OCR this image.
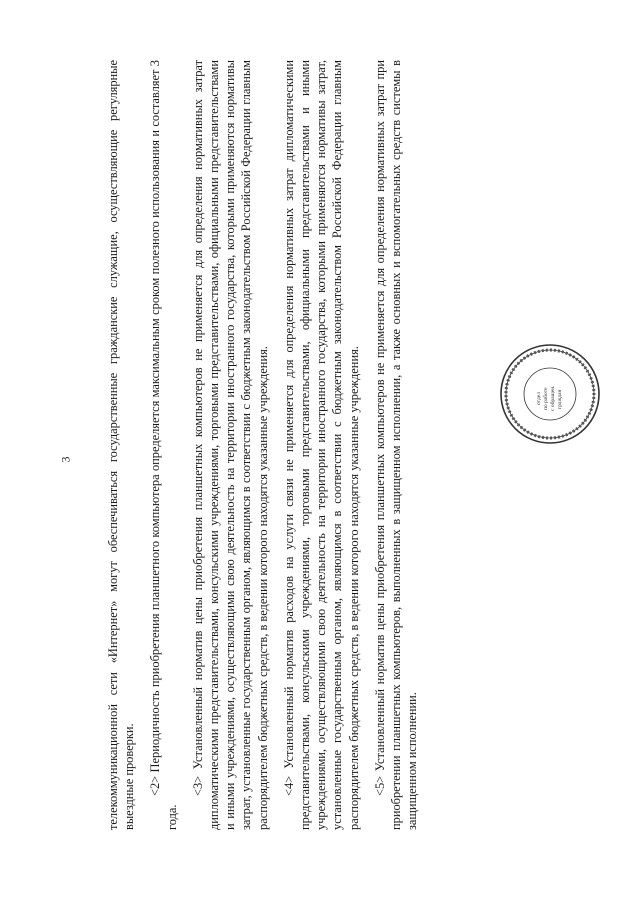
3	телекоммуникационной сети «Интернет» могут обеспечиваться государственные гражданские служащие, осуществляющие регулярные выездные проверки. <2> Периодичность приобретения планшетного компьютера определяется максимальным сроком полезного использования и составляет 3 года.

<3> Установленный норматив цены приобретения планшетных компьютеров не применяется для определения нормативных затрат дипломатическими представительствами, консульскими учреждениями, торговыми представительствами, официальными представительствами и иными учреждениями, осуществляющими свою деятельность на территории иностранного государства, которыми применяются нормативы затрат, установленные государственным органом, являющимся в соответствии с бюджетным законодательством Российской Федерации главным распорядителем бюджетных средств, в ведении которого находятся указанные учреждения. <4> Установленный норматив расходов на услуги связи не применяется для определения нормативных затрат дипломатическими представительствами, консульскими учреждениями, торговыми представительствами, официальными представительствами и иными учреждениями, осуществляющими свою деятельность на территории иностранного государства, которыми применяются нормативы затрат, установленные государственным органом, являющимся в соответствии с бюджетным законодательством Российской Федерации главным распорядителем бюджетных средств, в ведении которого находятся указанные учреждения. <5> Установленный норматив цены приобретения планшетных компьютеров не применяется для определения нормативных затрат при приобретении планшетных компьютеров, выполненных в защищенном исполнении, а также основных и вспомогательных средств системы в защищенном исполнении.

отдел по работе с обращен. граждан
